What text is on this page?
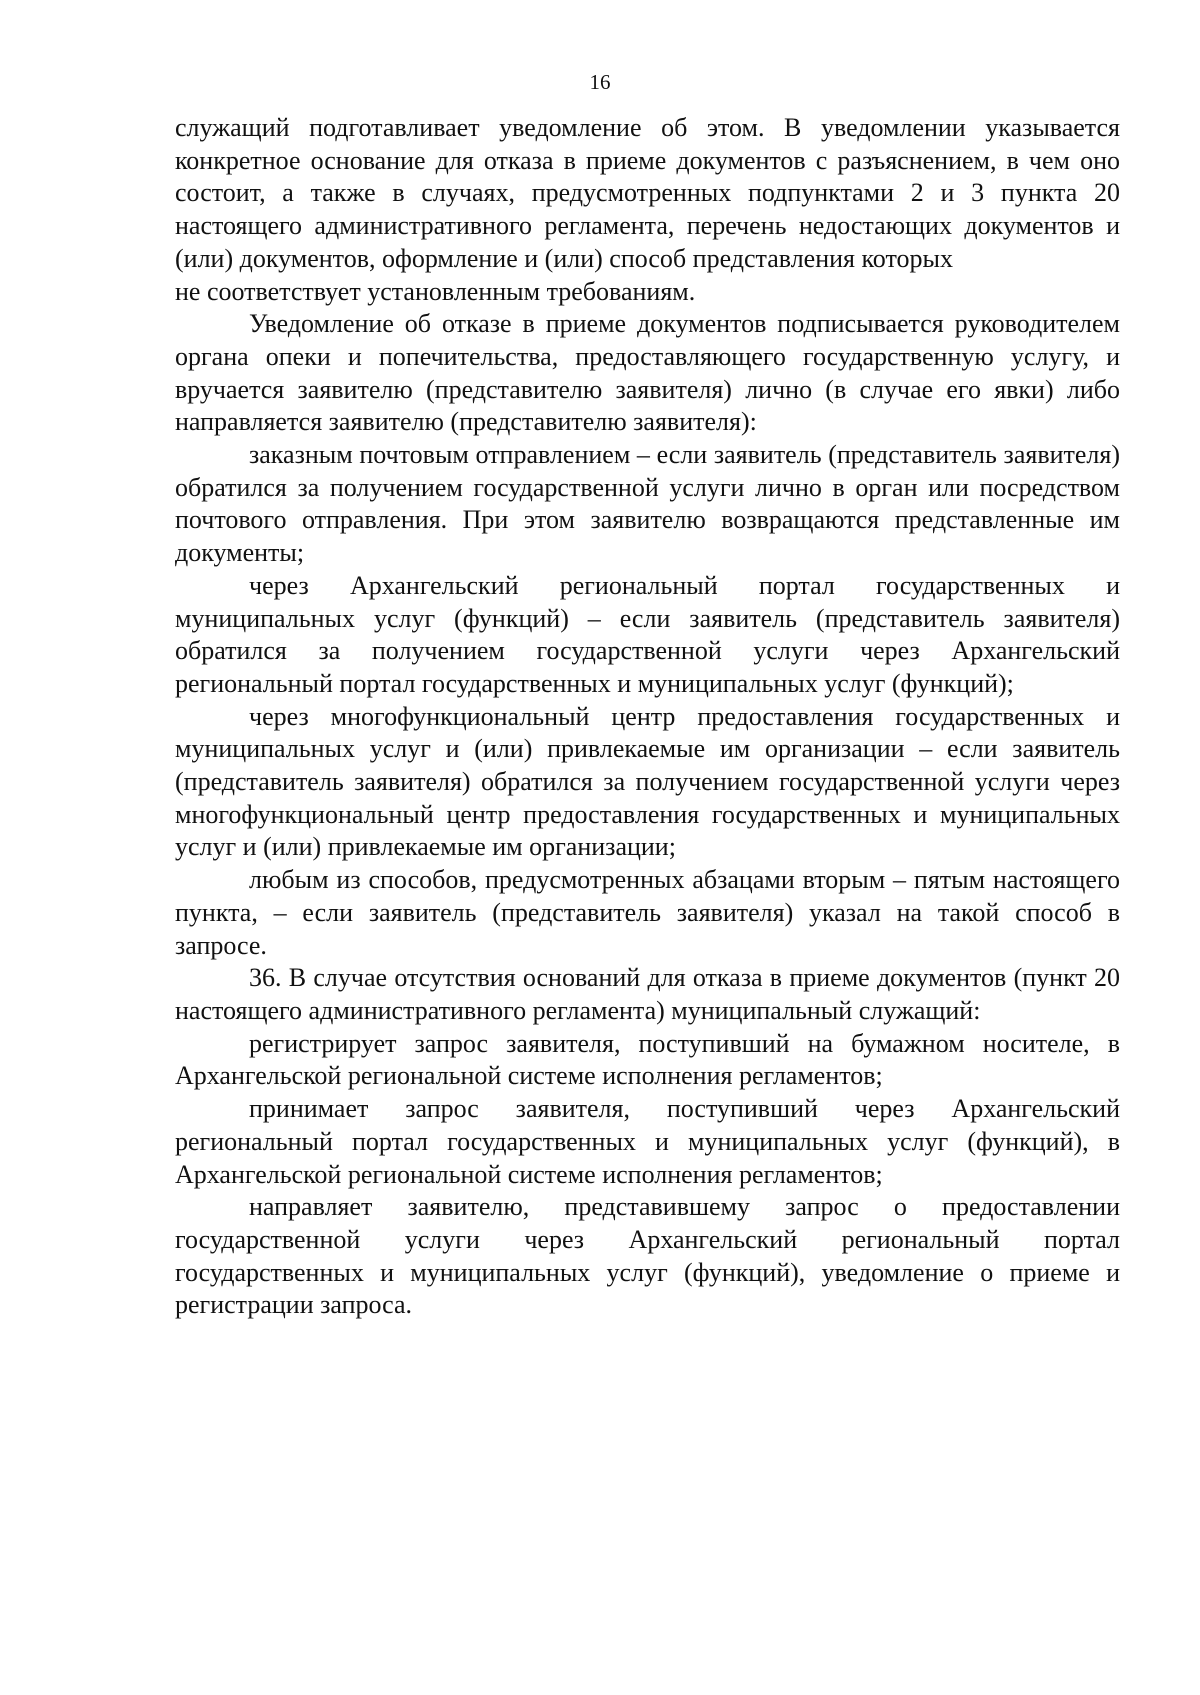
16

служащий подготавливает уведомление об этом. В уведомлении указывается конкретное основание для отказа в приеме документов с разъяснением, в чем оно состоит, а также в случаях, предусмотренных подпунктами 2 и 3 пункта 20 настоящего административного регламента, перечень недостающих документов и (или) документов, оформление и (или) способ представления которых

не соответствует установленным требованиям.

Уведомление об отказе в приеме документов подписывается руководителем органа опеки и попечительства, предоставляющего государственную услугу, и вручается заявителю (представителю заявителя) лично (в случае его явки) либо направляется заявителю (представителю заявителя):

заказным почтовым отправлением – если заявитель (представитель заявителя) обратился за получением государственной услуги лично в орган или посредством почтового отправления. При этом заявителю возвращаются представленные им документы;

через Архангельский региональный портал государственных и муниципальных услуг (функций) – если заявитель (представитель заявителя) обратился за получением государственной услуги через Архангельский региональный портал государственных и муниципальных услуг (функций);

через многофункциональный центр предоставления государственных и муниципальных услуг и (или) привлекаемые им организации – если заявитель (представитель заявителя) обратился за получением государственной услуги через многофункциональный центр предоставления государственных и муниципальных услуг и (или) привлекаемые им организации;

любым из способов, предусмотренных абзацами вторым – пятым настоящего пункта, – если заявитель (представитель заявителя) указал на такой способ в запросе.

36. В случае отсутствия оснований для отказа в приеме документов (пункт 20 настоящего административного регламента) муниципальный служащий:

регистрирует запрос заявителя, поступивший на бумажном носителе, в Архангельской региональной системе исполнения регламентов;

принимает запрос заявителя, поступивший через Архангельский региональный портал государственных и муниципальных услуг (функций), в Архангельской региональной системе исполнения регламентов;

направляет заявителю, представившему запрос о предоставлении государственной услуги через Архангельский региональный портал государственных и муниципальных услуг (функций), уведомление о приеме и регистрации запроса.
